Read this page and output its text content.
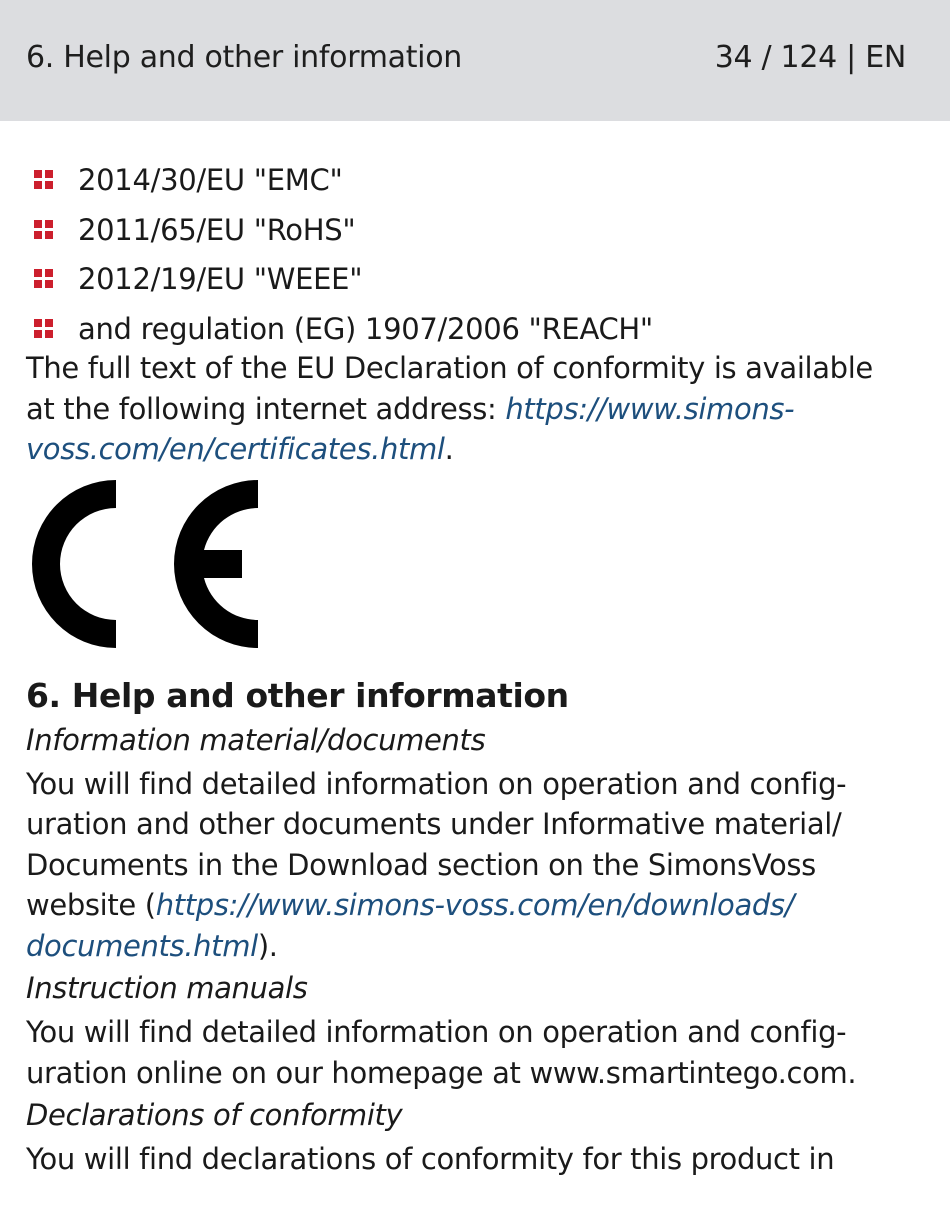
6. Help and other information	34 / 124 | EN
2014/30/EU "EMC"
2011/65/EU "RoHS"
2012/19/EU "WEEE"
and regulation (EG) 1907/2006 "REACH"

The full text of the EU Declaration of conformity is available

at the following internet address: https://www.simons-

voss.com/en/certificates.html.

6. Help and other information
Information material/documents

You will find detailed information on operation and config-

uration and other documents under Informative material/

Documents in the Download section on the SimonsVoss

website (https://www.simons-voss.com/en/downloads/

documents.html).

Instruction manuals

You will find detailed information on operation and config-

uration online on our homepage at www.smartintego.com.

Declarations of conformity

You will find declarations of conformity for this product in
